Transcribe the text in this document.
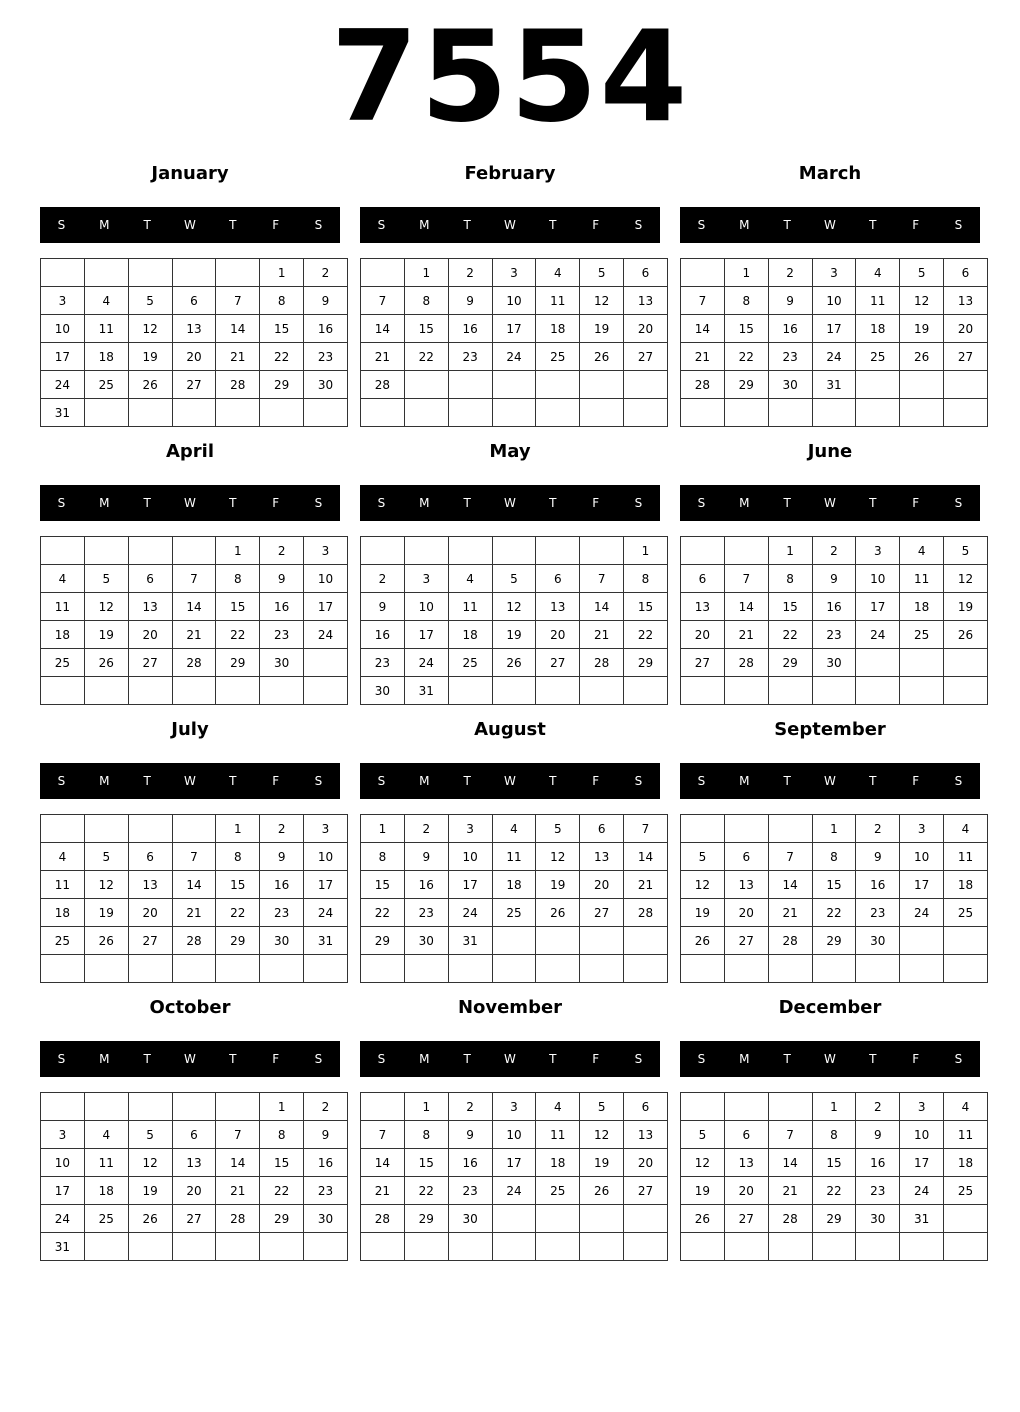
7554
January
S	M	T	W	T	F	S
					1	2
3	4	5	6	7	8	9
10	11	12	13	14	15	16
17	18	19	20	21	22	23
24	25	26	27	28	29	30
31						
February
S	M	T	W	T	F	S
	1	2	3	4	5	6
7	8	9	10	11	12	13
14	15	16	17	18	19	20
21	22	23	24	25	26	27
28						

March
S	M	T	W	T	F	S
	1	2	3	4	5	6
7	8	9	10	11	12	13
14	15	16	17	18	19	20
21	22	23	24	25	26	27
28	29	30	31			

April
S	M	T	W	T	F	S
				1	2	3
4	5	6	7	8	9	10
11	12	13	14	15	16	17
18	19	20	21	22	23	24
25	26	27	28	29	30	

May
S	M	T	W	T	F	S
						1
2	3	4	5	6	7	8
9	10	11	12	13	14	15
16	17	18	19	20	21	22
23	24	25	26	27	28	29
30	31					
June
S	M	T	W	T	F	S
		1	2	3	4	5
6	7	8	9	10	11	12
13	14	15	16	17	18	19
20	21	22	23	24	25	26
27	28	29	30			

July
S	M	T	W	T	F	S
				1	2	3
4	5	6	7	8	9	10
11	12	13	14	15	16	17
18	19	20	21	22	23	24
25	26	27	28	29	30	31

August
S	M	T	W	T	F	S
1	2	3	4	5	6	7
8	9	10	11	12	13	14
15	16	17	18	19	20	21
22	23	24	25	26	27	28
29	30	31				

September
S	M	T	W	T	F	S
			1	2	3	4
5	6	7	8	9	10	11
12	13	14	15	16	17	18
19	20	21	22	23	24	25
26	27	28	29	30		

October
S	M	T	W	T	F	S
					1	2
3	4	5	6	7	8	9
10	11	12	13	14	15	16
17	18	19	20	21	22	23
24	25	26	27	28	29	30
31						
November
S	M	T	W	T	F	S
	1	2	3	4	5	6
7	8	9	10	11	12	13
14	15	16	17	18	19	20
21	22	23	24	25	26	27
28	29	30				

December
S	M	T	W	T	F	S
			1	2	3	4
5	6	7	8	9	10	11
12	13	14	15	16	17	18
19	20	21	22	23	24	25
26	27	28	29	30	31	
